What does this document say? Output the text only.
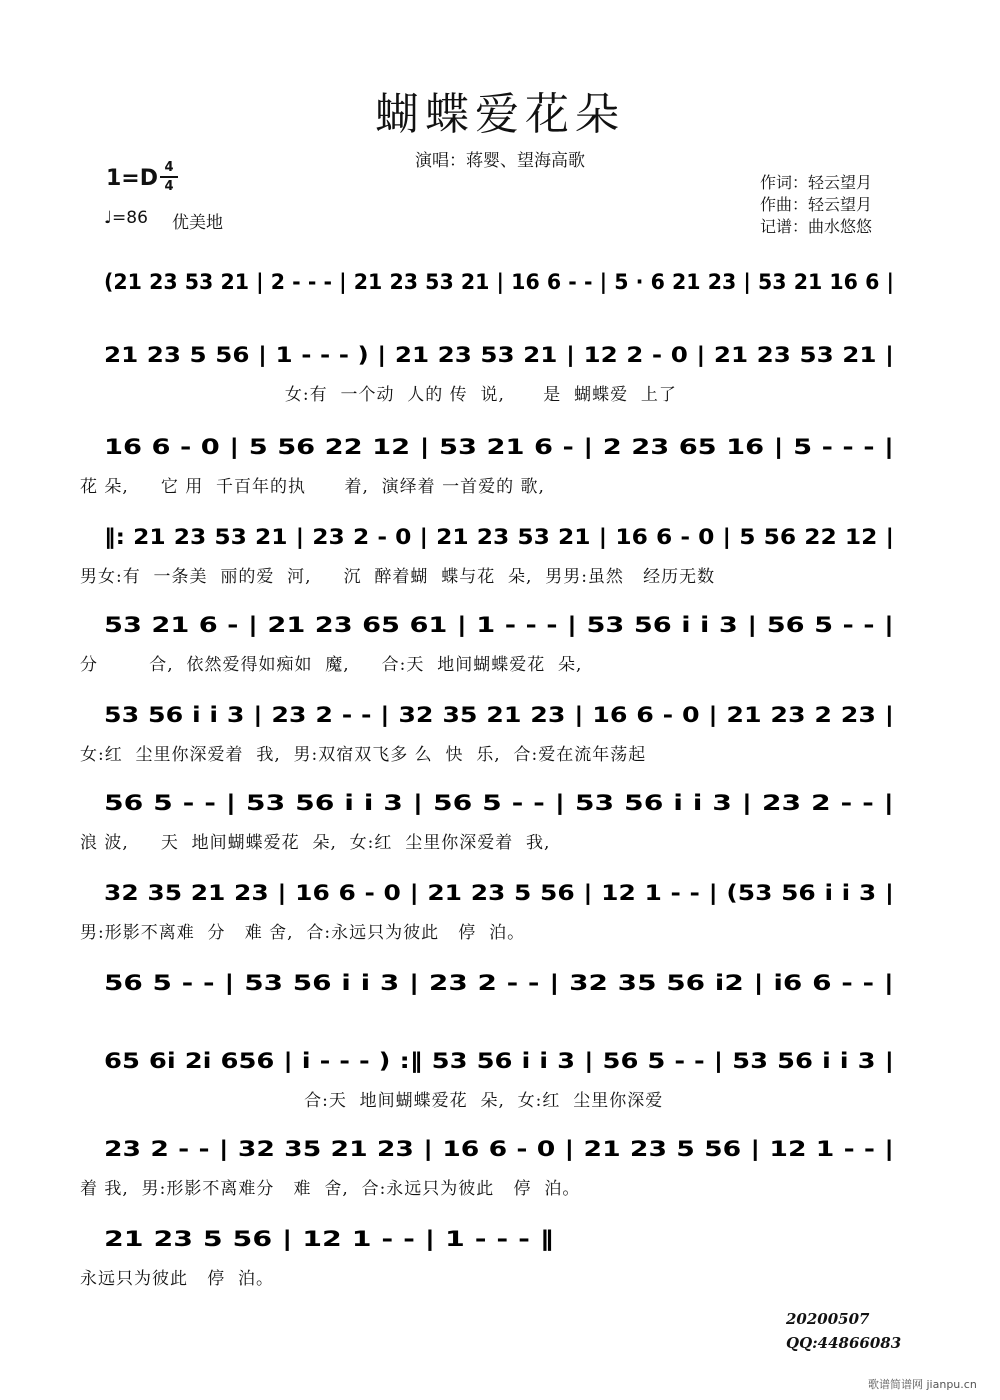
蝴蝶爱花朵
演唱：蒋婴、望海高歌
1=D 4
4
♩=86 优美地
作词：轻云望月
作曲：轻云望月
记谱：曲水悠悠
(21 23 53 21 | 2 - - - | 21 23 53 21 | 16 6 - - | 5 · 6 21 23 | 53 21 16 6 |
21 23 5 56 | 1 - - - ) | 21 23 53 21 | 12 2 - 0 | 21 23 53 21 |
女:有  一个动  人的 传  说,      是  蝴蝶爱  上了
16 6 - 0 | 5 56 22 12 | 53 21 6 - | 2 23 65 16 | 5 - - - |
花 朵,     它 用  千百年的执      着,  演绎着 一首爱的 歌,
‖: 21 23 53 21 | 23 2 - 0 | 21 23 53 21 | 16 6 - 0 | 5 56 22 12 |
男女:有  一条美  丽的爱  河,     沉  醉着蝴  蝶与花  朵,  男男:虽然   经历无数
53 21 6 - | 21 23 65 61 | 1 - - - | 53 56 i i 3 | 56 5 - - |
分        合,  依然爱得如痴如  魔,     合:天  地间蝴蝶爱花  朵,
53 56 i i 3 | 23 2 - - | 32 35 21 23 | 16 6 - 0 | 21 23 2 23 |
女:红  尘里你深爱着  我,  男:双宿双飞多 么  快  乐,  合:爱在流年荡起
56 5 - - | 53 56 i i 3 | 56 5 - - | 53 56 i i 3 | 23 2 - - |
浪 波,     天  地间蝴蝶爱花  朵,  女:红  尘里你深爱着  我,
32 35 21 23 | 16 6 - 0 | 21 23 5 56 | 12 1 - - | (53 56 i i 3 |
男:形影不离难  分   难 舍,  合:永远只为彼此   停  泊。
56 5 - - | 53 56 i i 3 | 23 2 - - | 32 35 56 i2 | i6 6 - - |
65 6i 2i 656 | i - - - ) :‖ 53 56 i i 3 | 56 5 - - | 53 56 i i 3 |
合:天  地间蝴蝶爱花  朵,  女:红  尘里你深爱
23 2 - - | 32 35 21 23 | 16 6 - 0 | 21 23 5 56 | 12 1 - - |
着 我,  男:形影不离难分   难  舍,  合:永远只为彼此   停  泊。
21 23 5 56 | 12 1 - - | 1 - - - ‖
永远只为彼此   停  泊。
20200507
QQ:44866083
歌谱简谱网 jianpu.cn
